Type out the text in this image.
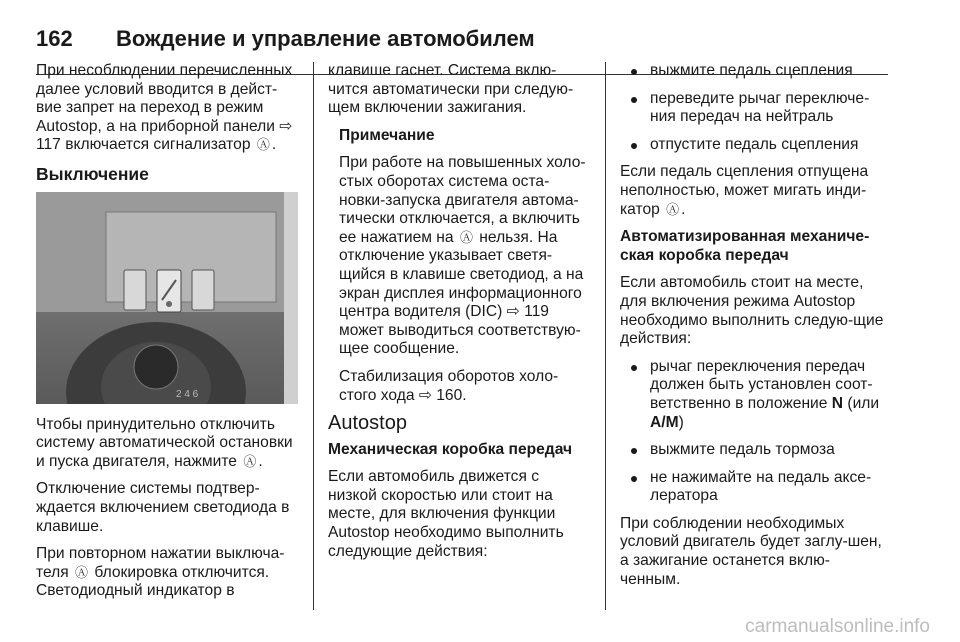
162 Вождение и управление автомобилем

При несоблюдении перечисленных далее условий вводится в дейст-вие запрет на переход в режим Autostop, а на приборной панели ⇨ 117 включается сигнализатор Ⓐ .

Выключение
2 4 6

Чтобы принудительно отключить систему автоматической остановки и пуска двигателя, нажмите Ⓐ .

Отключение системы подтвер-ждается включением светодиода в клавише.

При повторном нажатии выключа-теля Ⓐ блокировка отключится. Светодиодный индикатор в

клавише гаснет. Система вклю-чится автоматически при следую-щем включении зажигания.

Примечание

При работе на повышенных холо-стых оборотах система оста-новки-запуска двигателя автома-тически отключается, а включить ее нажатием на Ⓐ нельзя. На отключение указывает светя-щийся в клавише светодиод, а на экран дисплея информационного центра водителя (DIC) ⇨ 119 может выводиться соответствую-щее сообщение.

Стабилизация оборотов холо-стого хода ⇨ 160.

Autostop

Механическая коробка передач

Если автомобиль движется с низкой скоростью или стоит на месте, для включения функции Autostop необходимо выполнить следующие действия:

выжмите педаль сцепления

переведите рычаг переключе-ния передач на нейтраль

отпустите педаль сцепления

Если педаль сцепления отпущена неполностью, может мигать инди-катор Ⓐ .

Автоматизированная механиче-ская коробка передач

Если автомобиль стоит на месте, для включения режима Autostop необходимо выполнить следую-щие действия:

рычаг переключения передач должен быть установлен соот-ветственно в положение N (или A/M)

выжмите педаль тормоза

не нажимайте на педаль аксе-лератора

При соблюдении необходимых условий двигатель будет заглу-шен, а зажигание останется вклю-ченным.

carmanualsonline.info
